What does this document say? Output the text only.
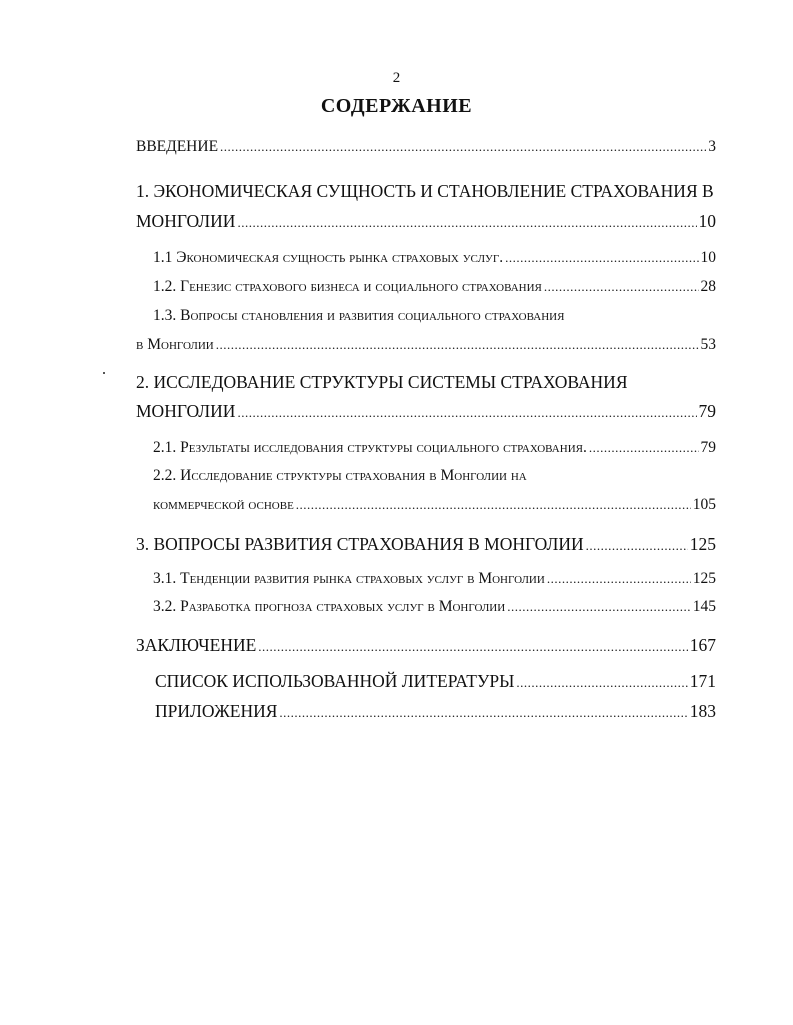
2
СОДЕРЖАНИЕ
ВВЕДЕНИЕ .....	3
1. ЭКОНОМИЧЕСКАЯ СУЩНОСТЬ И СТАНОВЛЕНИЕ СТРАХОВАНИЯ В
МОНГОЛИИ .....	10
1.1 Экономическая сущность рынка страховых услуг. .....	10
1.2. Генезис страхового бизнеса и социального страхования .....	28
1.3. Вопросы становления и развития социального страхования
в Монголии .....	53
2. ИССЛЕДОВАНИЕ СТРУКТУРЫ СИСТЕМЫ СТРАХОВАНИЯ
МОНГОЛИИ .....	79
2.1. Результаты исследования структуры социального страхования. .....	79
2.2. Исследование структуры страхования в Монголии на
коммерческой основе .....	105
3. ВОПРОСЫ РАЗВИТИЯ СТРАХОВАНИЯ В МОНГОЛИИ .....	125
3.1. Тенденции развития рынка страховых услуг в Монголии .....	125
3.2. Разработка прогноза страховых услуг в Монголии .....	145
ЗАКЛЮЧЕНИЕ .....	167
СПИСОК ИСПОЛЬЗОВАННОЙ ЛИТЕРАТУРЫ .....	171
ПРИЛОЖЕНИЯ .....	183
